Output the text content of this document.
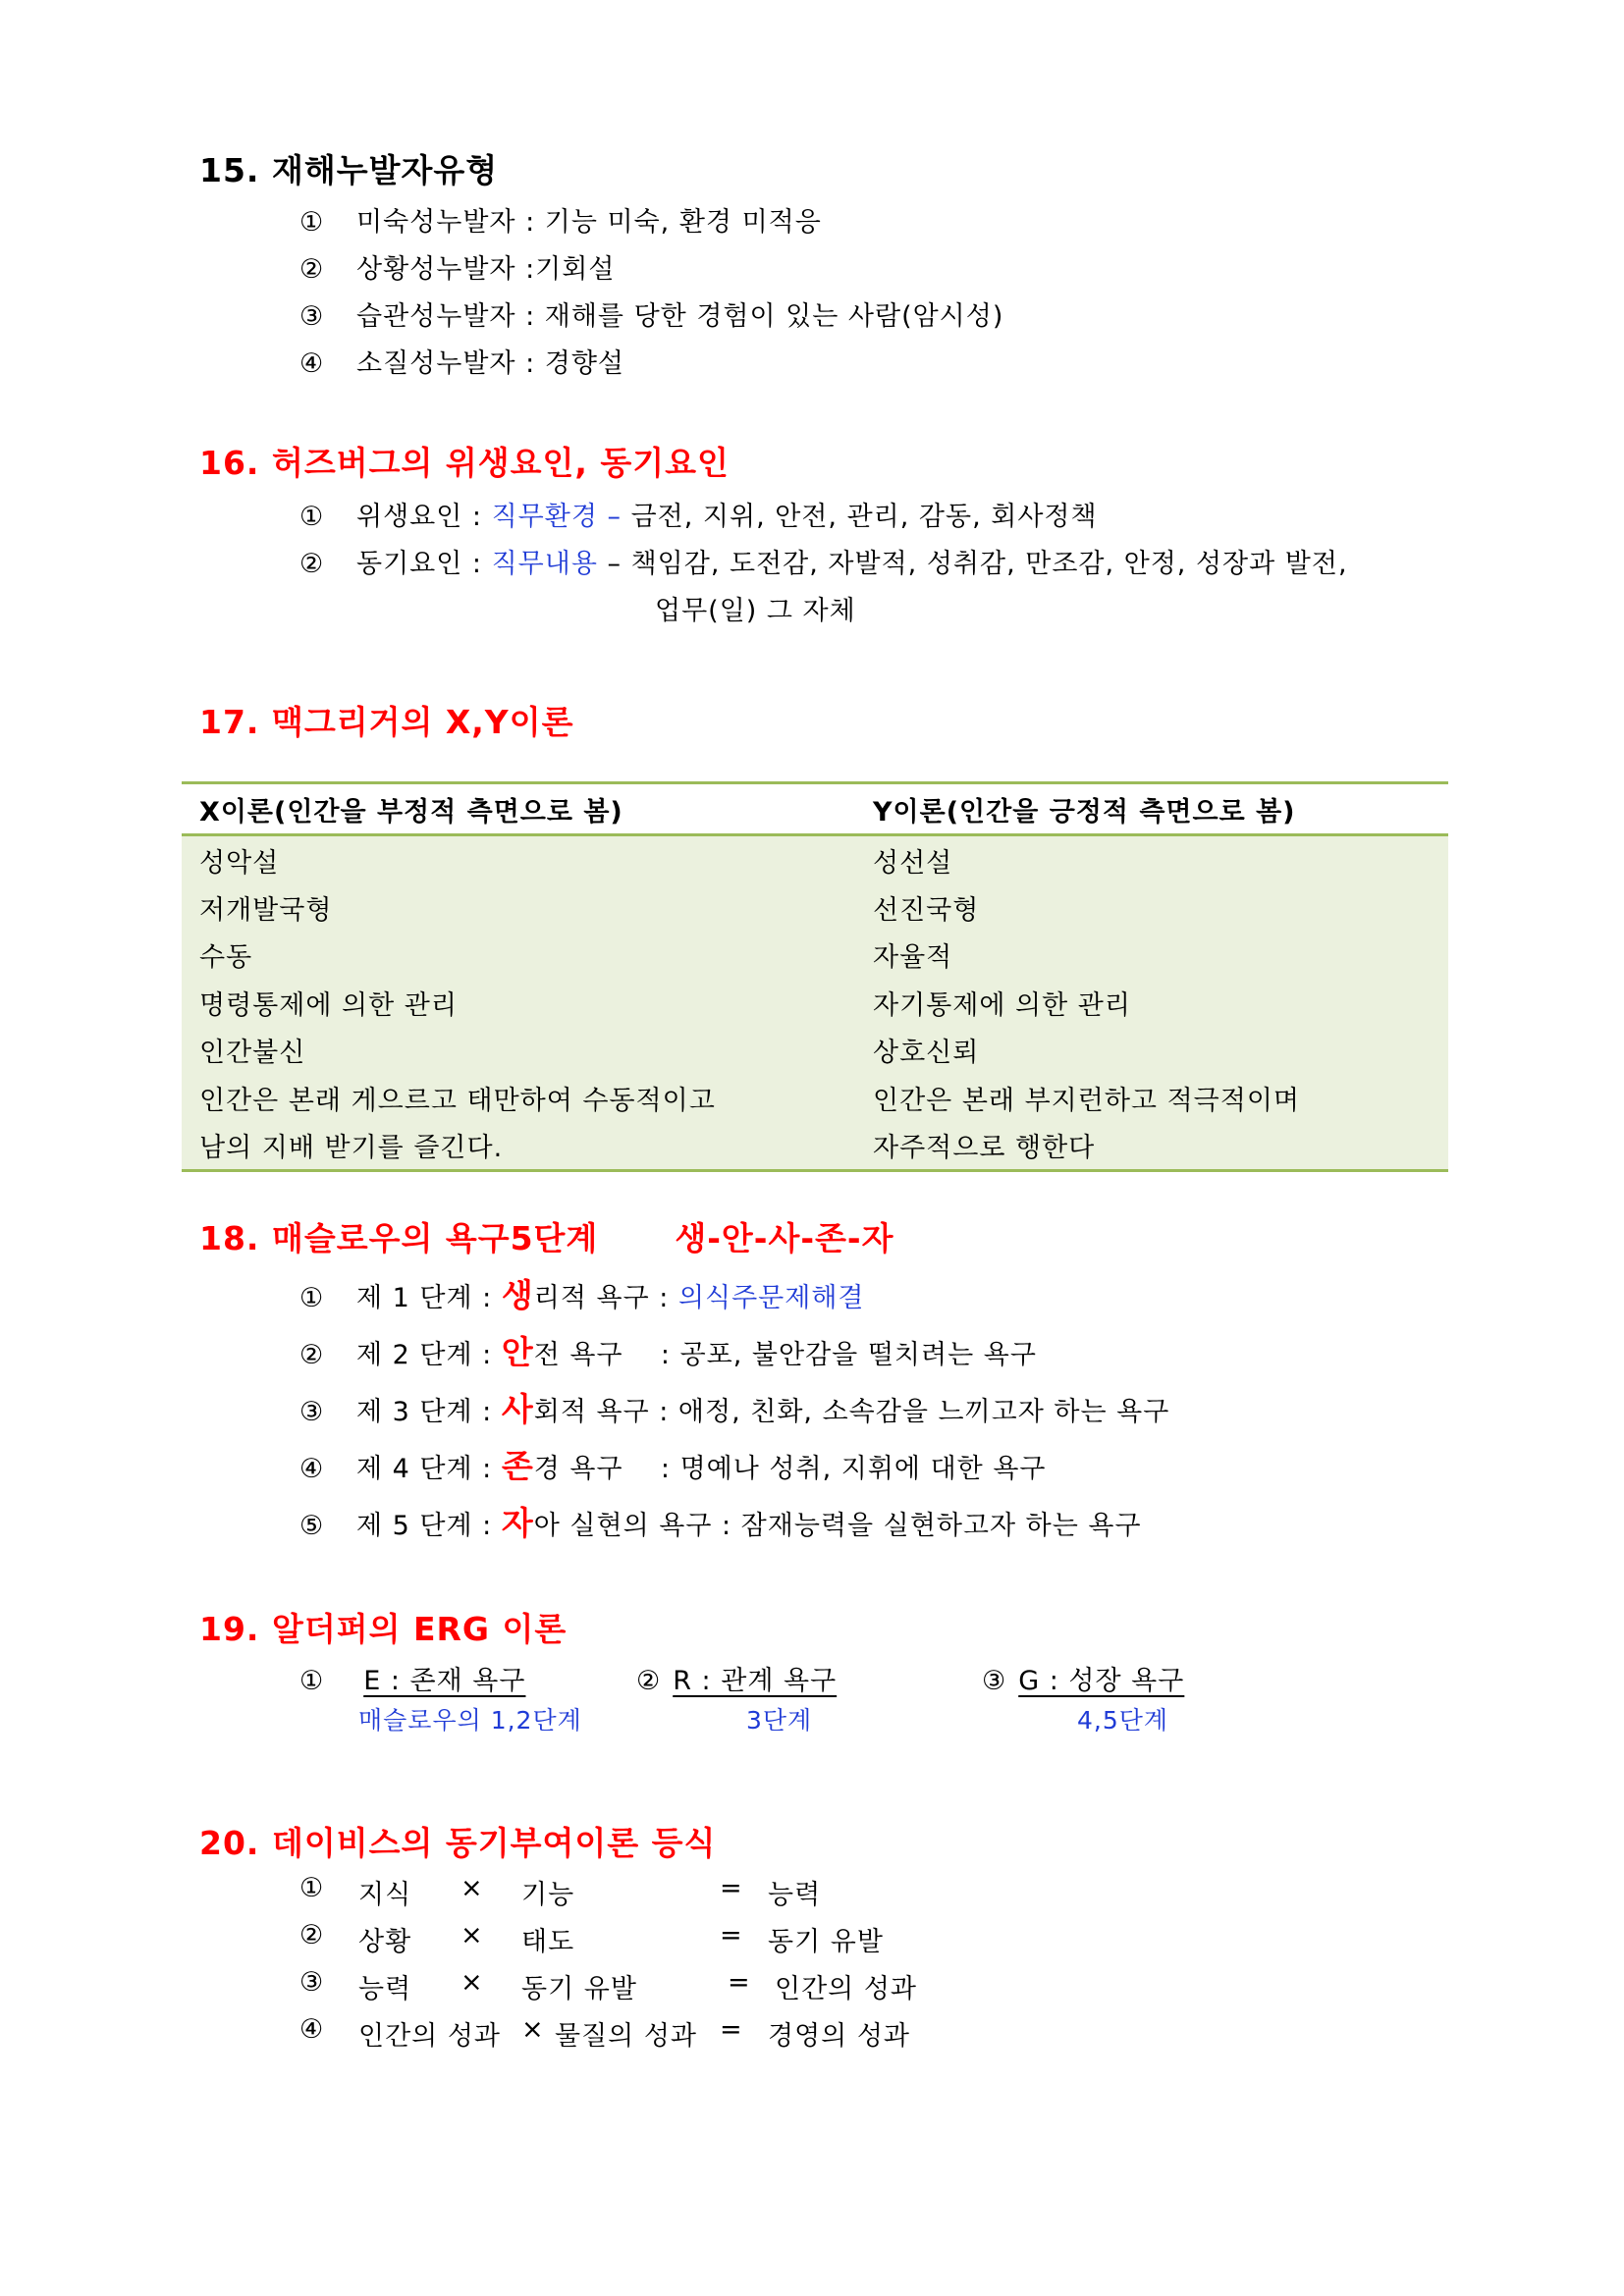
15. 재해누발자유형

① 미숙성누발자 : 기능 미숙, 환경 미적응

② 상황성누발자 :기회설

③ 습관성누발자 : 재해를 당한 경험이 있는 사람(암시성)

④ 소질성누발자 : 경향설

16. 허즈버그의 위생요인, 동기요인

① 위생요인 : 직무환경 – 금전, 지위, 안전, 관리, 감동, 회사정책

② 동기요인 : 직무내용 – 책임감, 도전감, 자발적, 성취감, 만조감, 안정, 성장과 발전,

업무(일) 그 자체

17. 맥그리거의 X,Y이론
X이론(인간을 부정적 측면으로 봄)	Y이론(인간을 긍정적 측면으로 봄)
성악설	성선설
저개발국형	선진국형
수동	자율적
명령통제에 의한 관리	자기통제에 의한 관리
인간불신	상호신뢰
인간은 본래 게으르고 태만하여 수동적이고	인간은 본래 부지런하고 적극적이며
남의 지배 받기를 즐긴다.	자주적으로 행한다
18. 매슬로우의 욕구5단계 생-안-사-존-자

① 제 1 단계 : 생리적 욕구 : 의식주문제해결

② 제 2 단계 : 안전 욕구    : 공포, 불안감을 떨치려는 욕구

③ 제 3 단계 : 사회적 욕구 : 애정, 친화, 소속감을 느끼고자 하는 욕구

④ 제 4 단계 : 존경 욕구    : 명예나 성취, 지휘에 대한 욕구

⑤ 제 5 단계 : 자아 실현의 욕구 : 잠재능력을 실현하고자 하는 욕구

19. 알더퍼의 ERG 이론
① E : 존재 욕구
매슬로우의 1,2단계
② R : 관계 욕구
3단계
③ G : 성장 욕구
4,5단계
20. 데이비스의 동기부여이론 등식
① 지식 × 기능	= 능력
② 상황 × 태도	= 동기 유발
③ 능력 × 동기 유발	= 인간의 성과
④ 인간의 성과 × 물질의 성과 = 경영의 성과
